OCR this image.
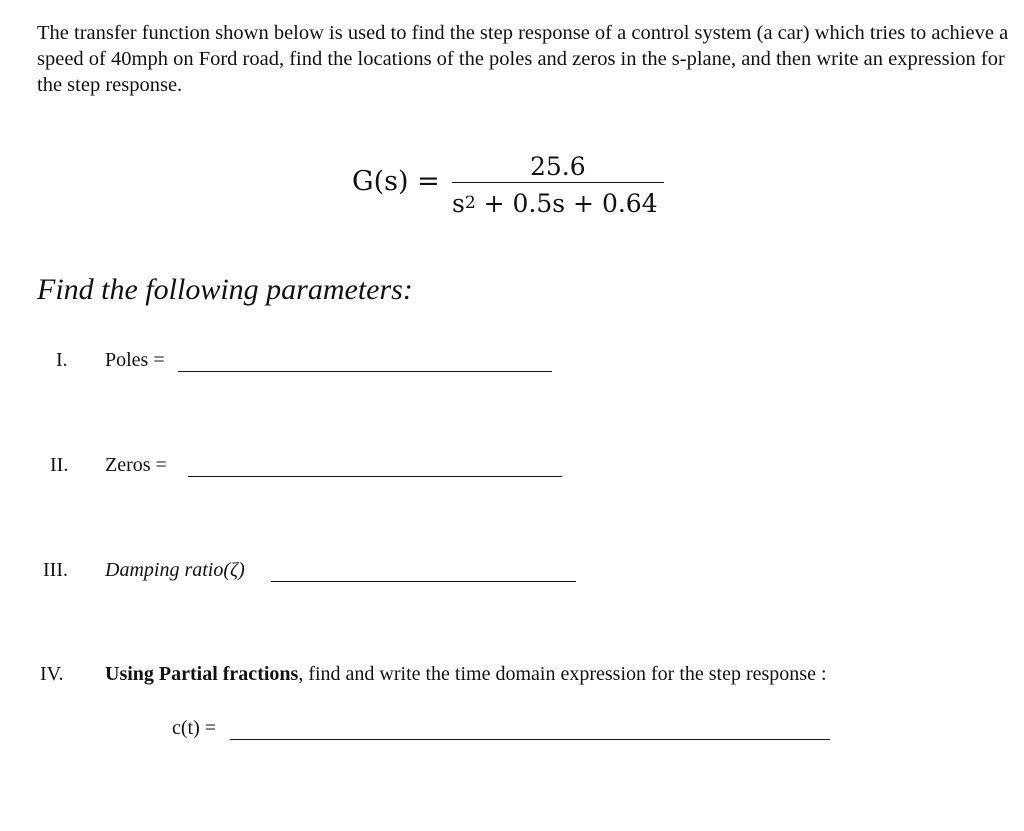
The transfer function shown below is used to find the step response of a control system (a car) which tries to achieve a speed of 40mph on Ford road, find the locations of the poles and zeros in the s-plane, and then write an expression for the step response.
G(s) =	25.6
$s^2 + 0.5s + 0.64$
Find the following parameters:
I. Poles =
II. Zeros =
III. Damping ratio(ζ)
IV. Using Partial fractions, find and write the time domain expression for the step response :
c(t) =
